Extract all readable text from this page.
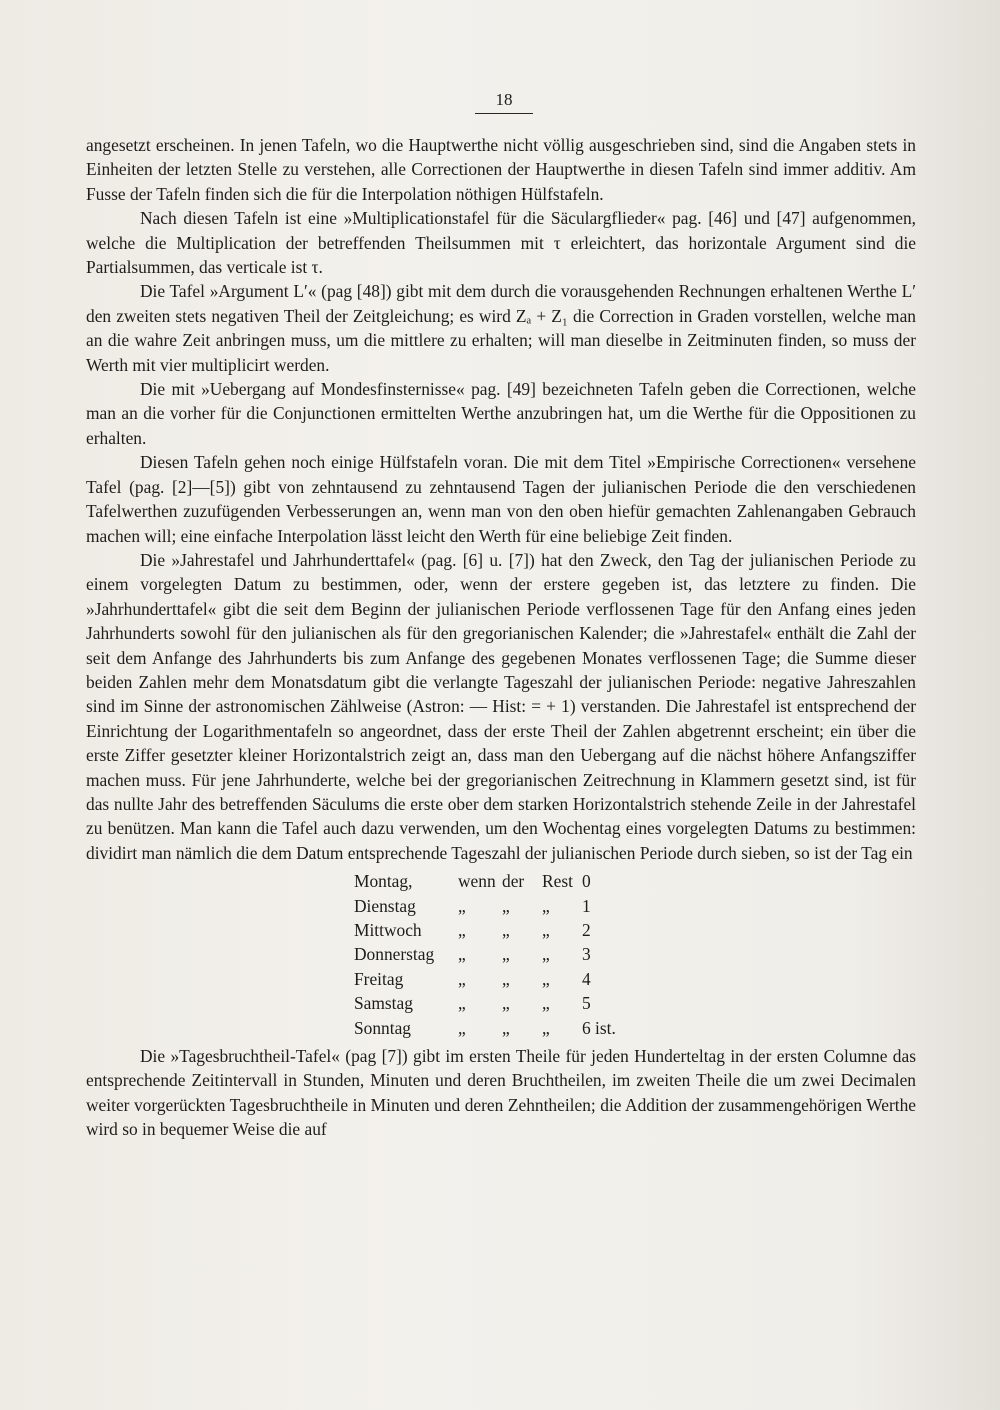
18

angesetzt erscheinen. In jenen Tafeln, wo die Hauptwerthe nicht völlig ausgeschrieben sind, sind die Angaben stets in Einheiten der letzten Stelle zu verstehen, alle Correctionen der Hauptwerthe in diesen Tafeln sind immer additiv. Am Fusse der Tafeln finden sich die für die Interpolation nöthigen Hülfstafeln.

Nach diesen Tafeln ist eine »Multiplicationstafel für die Säculargflieder« pag. [46] und [47] aufgenommen, welche die Multiplication der betreffenden Theilsummen mit τ erleichtert, das horizontale Argument sind die Partialsummen, das verticale ist τ.

Die Tafel »Argument L′« (pag [48]) gibt mit dem durch die vorausgehenden Rechnungen erhaltenen Werthe L′ den zweiten stets negativen Theil der Zeitgleichung; es wird Zₐ + Z₁ die Correction in Graden vorstellen, welche man an die wahre Zeit anbringen muss, um die mittlere zu erhalten; will man dieselbe in Zeitminuten finden, so muss der Werth mit vier multiplicirt werden.

Die mit »Uebergang auf Mondesfinsternisse« pag. [49] bezeichneten Tafeln geben die Correctionen, welche man an die vorher für die Conjunctionen ermittelten Werthe anzubringen hat, um die Werthe für die Oppositionen zu erhalten.

Diesen Tafeln gehen noch einige Hülfstafeln voran. Die mit dem Titel »Empirische Correctionen« versehene Tafel (pag. [2]—[5]) gibt von zehntausend zu zehntausend Tagen der julianischen Periode die den verschiedenen Tafelwerthen zuzufügenden Verbesserungen an, wenn man von den oben hiefür gemachten Zahlenangaben Gebrauch machen will; eine einfache Interpolation lässt leicht den Werth für eine beliebige Zeit finden.

Die »Jahrestafel und Jahrhunderttafel« (pag. [6] u. [7]) hat den Zweck, den Tag der julianischen Periode zu einem vorgelegten Datum zu bestimmen, oder, wenn der erstere gegeben ist, das letztere zu finden. Die »Jahrhunderttafel« gibt die seit dem Beginn der julianischen Periode verflossenen Tage für den Anfang eines jeden Jahrhunderts sowohl für den julianischen als für den gregorianischen Kalender; die »Jahrestafel« enthält die Zahl der seit dem Anfange des Jahrhunderts bis zum Anfange des gegebenen Monates verflossenen Tage; die Summe dieser beiden Zahlen mehr dem Monatsdatum gibt die verlangte Tageszahl der julianischen Periode: negative Jahreszahlen sind im Sinne der astronomischen Zählweise (Astron: — Hist: = + 1) verstanden. Die Jahrestafel ist entsprechend der Einrichtung der Logarithmentafeln so angeordnet, dass der erste Theil der Zahlen abgetrennt erscheint; ein über die erste Ziffer gesetzter kleiner Horizontalstrich zeigt an, dass man den Uebergang auf die nächst höhere Anfangsziffer machen muss. Für jene Jahrhunderte, welche bei der gregorianischen Zeitrechnung in Klammern gesetzt sind, ist für das nullte Jahr des betreffenden Säculums die erste ober dem starken Horizontalstrich stehende Zeile in der Jahrestafel zu benützen. Man kann die Tafel auch dazu verwenden, um den Wochentag eines vorgelegten Datums zu bestimmen: dividirt man nämlich die dem Datum entsprechende Tageszahl der julianischen Periode durch sieben, so ist der Tag ein

Montag,	wenn	der	Rest	0
Dienstag	„	„	„	1
Mittwoch	„	„	„	2
Donnerstag	„	„	„	3
Freitag	„	„	„	4
Samstag	„	„	„	5
Sonntag	„	„	„	6 ist.

Die »Tagesbruchtheil-Tafel« (pag [7]) gibt im ersten Theile für jeden Hunderteltag in der ersten Columne das entsprechende Zeitintervall in Stunden, Minuten und deren Bruchtheilen, im zweiten Theile die um zwei Decimalen weiter vorgerückten Tagesbruchtheile in Minuten und deren Zehntheilen; die Addition der zusammengehörigen Werthe wird so in bequemer Weise die auf
